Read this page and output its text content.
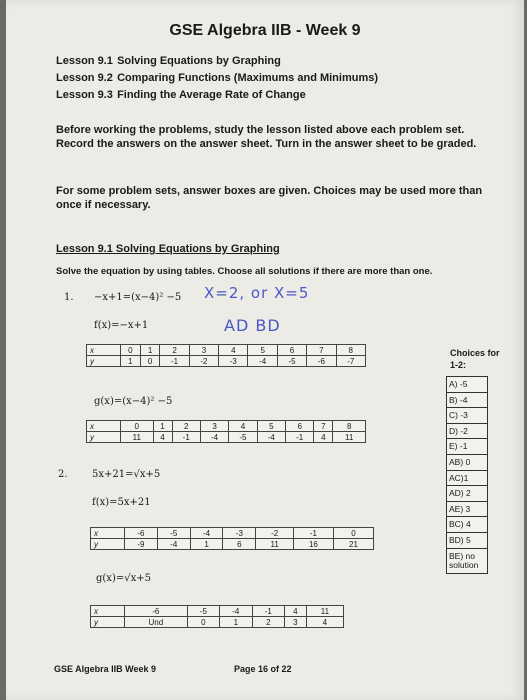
GSE Algebra IIB - Week 9
Lesson 9.1 Solving Equations by Graphing
Lesson 9.2 Comparing Functions (Maximums and Minimums)
Lesson 9.3 Finding the Average Rate of Change
Before working the problems, study the lesson listed above each problem set. Record the answers on the answer sheet. Turn in the answer sheet to be graded.
For some problem sets, answer boxes are given. Choices may be used more than once if necessary.
Lesson 9.1 Solving Equations by Graphing
Solve the equation by using tables. Choose all solutions if there are more than one.
1. −x+1=(x−4)² −5 X=2, or X=5
f(x)=−x+1	AD BD
x	0	1	2	3	4	5	6	7	8
y	1	0	-1	-2	-3	-4	-5	-6	-7
g(x)=(x−4)² −5
x	0	1	2	3	4	5	6	7	8
y	11	4	-1	-4	-5	-4	-1	4	11
2. 5x+21=√x+5
f(x)=5x+21
x	-6	-5	-4	-3	-2	-1	0
y	-9	-4	1	6	11	16	21
g(x)=√x+5
x	-6	-5	-4	-1	4	11
y	Und	0	1	2	3	4
Choices for 1-2:
A) -5
B) -4
C) -3
D) -2
E) -1
AB) 0
AC)1
AD) 2
AE) 3
BC) 4
BD) 5
BE) no solution
GSE Algebra IIB Week 9	Page 16 of 22
